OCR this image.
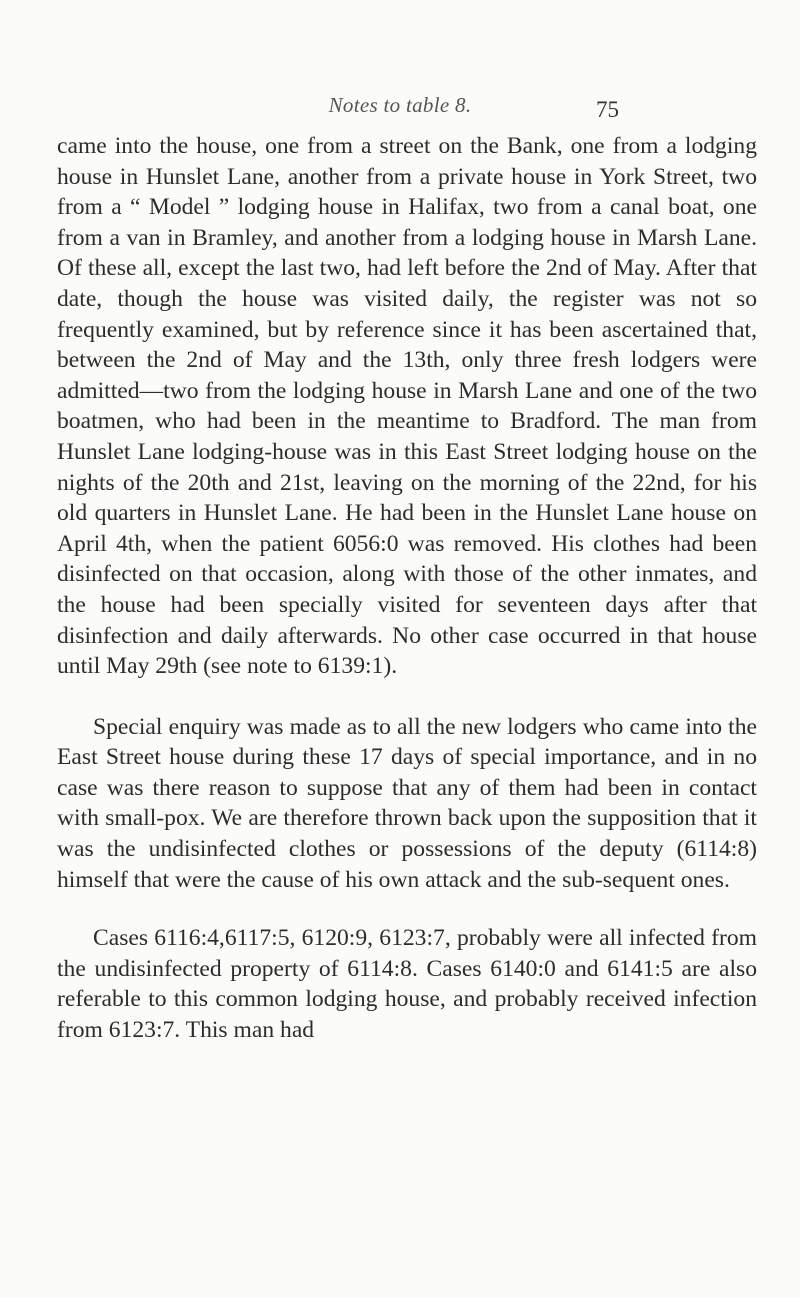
Notes to table 8.	75

came into the house, one from a street on the Bank, one from a lodging house in Hunslet Lane, another from a private house in York Street, two from a “ Model ” lodging house in Halifax, two from a canal boat, one from a van in Bramley, and another from a lodging house in Marsh Lane. Of these all, except the last two, had left before the 2nd of May. After that date, though the house was visited daily, the register was not so frequently examined, but by reference since it has been ascertained that, between the 2nd of May and the 13th, only three fresh lodgers were admitted—two from the lodging house in Marsh Lane and one of the two boatmen, who had been in the meantime to Bradford. The man from Hunslet Lane lodging-house was in this East Street lodging house on the nights of the 20th and 21st, leaving on the morning of the 22nd, for his old quarters in Hunslet Lane. He had been in the Hunslet Lane house on April 4th, when the patient 6056:0 was removed. His clothes had been disinfected on that occasion, along with those of the other inmates, and the house had been specially visited for seventeen days after that disinfection and daily afterwards. No other case occurred in that house until May 29th (see note to 6139:1).

Special enquiry was made as to all the new lodgers who came into the East Street house during these 17 days of special importance, and in no case was there reason to suppose that any of them had been in contact with small-pox. We are therefore thrown back upon the supposition that it was the undisinfected clothes or possessions of the deputy (6114:8) himself that were the cause of his own attack and the sub-sequent ones.

Cases 6116:4,6117:5, 6120:9, 6123:7, probably were all infected from the undisinfected property of 6114:8. Cases 6140:0 and 6141:5 are also referable to this common lodging house, and probably received infection from 6123:7. This man had
